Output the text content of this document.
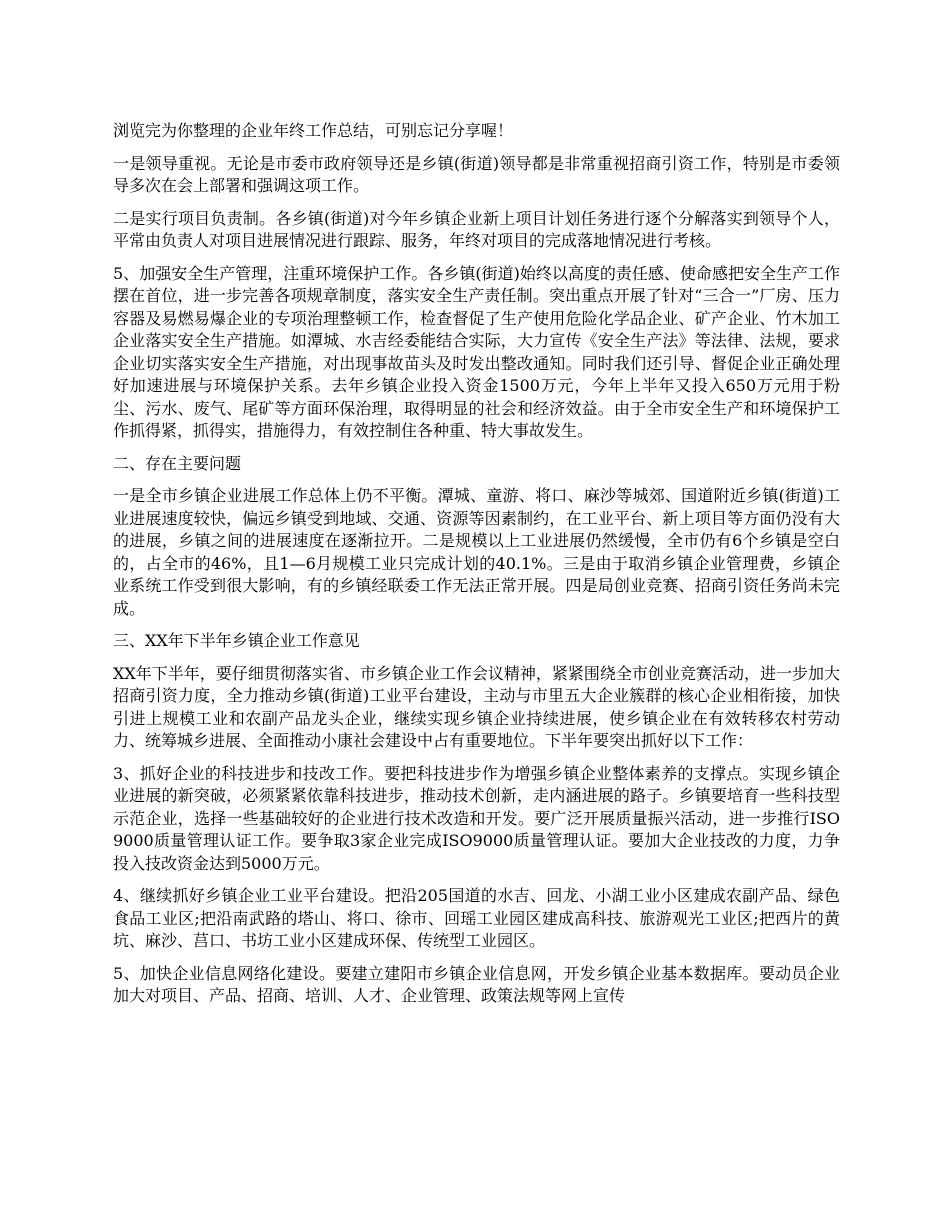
浏览完为你整理的企业年终工作总结，可别忘记分享喔！

一是领导重视。无论是市委市政府领导还是乡镇(街道)领导都是非常重视招商引资工作，特别是市委领导多次在会上部署和强调这项工作。

二是实行项目负责制。各乡镇(街道)对今年乡镇企业新上项目计划任务进行逐个分解落实到领导个人，平常由负责人对项目进展情况进行跟踪、服务，年终对项目的完成落地情况进行考核。

5、加强安全生产管理，注重环境保护工作。各乡镇(街道)始终以高度的责任感、使命感把安全生产工作摆在首位，进一步完善各项规章制度，落实安全生产责任制。突出重点开展了针对“三合一”厂房、压力容器及易燃易爆企业的专项治理整顿工作，检查督促了生产使用危险化学品企业、矿产企业、竹木加工企业落实安全生产措施。如潭城、水吉经委能结合实际，大力宣传《安全生产法》等法律、法规，要求企业切实落实安全生产措施，对出现事故苗头及时发出整改通知。同时我们还引导、督促企业正确处理好加速进展与环境保护关系。去年乡镇企业投入资金1500万元，今年上半年又投入650万元用于粉尘、污水、废气、尾矿等方面环保治理，取得明显的社会和经济效益。由于全市安全生产和环境保护工作抓得紧，抓得实，措施得力，有效控制住各种重、特大事故发生。

二、存在主要问题

一是全市乡镇企业进展工作总体上仍不平衡。潭城、童游、将口、麻沙等城郊、国道附近乡镇(街道)工业进展速度较快，偏远乡镇受到地域、交通、资源等因素制约，在工业平台、新上项目等方面仍没有大的进展，乡镇之间的进展速度在逐渐拉开。二是规模以上工业进展仍然缓慢，全市仍有6个乡镇是空白的，占全市的46%，且1—6月规模工业只完成计划的40.1%。三是由于取消乡镇企业管理费，乡镇企业系统工作受到很大影响，有的乡镇经联委工作无法正常开展。四是局创业竞赛、招商引资任务尚未完成。

三、XX年下半年乡镇企业工作意见

XX年下半年，要仔细贯彻落实省、市乡镇企业工作会议精神，紧紧围绕全市创业竞赛活动，进一步加大招商引资力度，全力推动乡镇(街道)工业平台建设，主动与市里五大企业簇群的核心企业相衔接，加快引进上规模工业和农副产品龙头企业，继续实现乡镇企业持续进展，使乡镇企业在有效转移农村劳动力、统筹城乡进展、全面推动小康社会建设中占有重要地位。下半年要突出抓好以下工作：

3、抓好企业的科技进步和技改工作。要把科技进步作为增强乡镇企业整体素养的支撑点。实现乡镇企业进展的新突破，必须紧紧依靠科技进步，推动技术创新，走内涵进展的路子。乡镇要培育一些科技型示范企业，选择一些基础较好的企业进行技术改造和开发。要广泛开展质量振兴活动，进一步推行ISO9000质量管理认证工作。要争取3家企业完成ISO9000质量管理认证。要加大企业技改的力度，力争投入技改资金达到5000万元。

4、继续抓好乡镇企业工业平台建设。把沿205国道的水吉、回龙、小湖工业小区建成农副产品、绿色食品工业区;把沿南武路的塔山、将口、徐市、回瑶工业园区建成高科技、旅游观光工业区;把西片的黄坑、麻沙、莒口、书坊工业小区建成环保、传统型工业园区。

5、加快企业信息网络化建设。要建立建阳市乡镇企业信息网，开发乡镇企业基本数据库。要动员企业加大对项目、产品、招商、培训、人才、企业管理、政策法规等网上宣传
